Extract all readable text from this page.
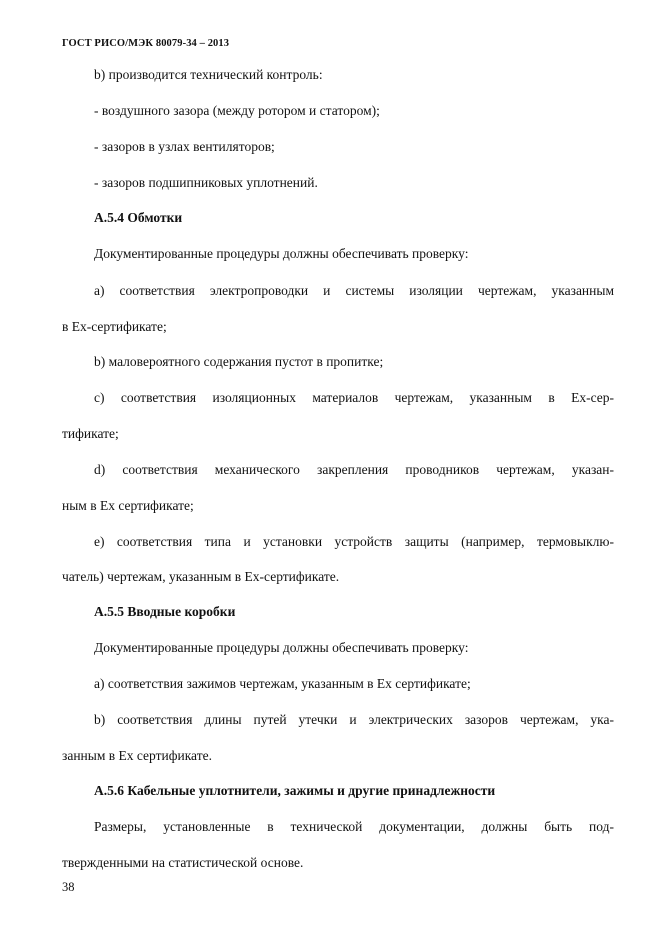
ГОСТ РИСО/МЭК 80079-34 – 2013
b) производится технический контроль:
- воздушного зазора (между ротором и статором);
- зазоров в узлах вентиляторов;
- зазоров подшипниковых уплотнений.
А.5.4 Обмотки
Документированные процедуры должны обеспечивать проверку:
а) соответствия электропроводки и системы изоляции чертежам, указанным
в Ех-сертификате;
b) маловероятного содержания пустот в пропитке;
с) соответствия изоляционных материалов чертежам, указанным в Ех-сер-
тификате;
d) соответствия механического закрепления проводников чертежам, указан-
ным в Ех сертификате;
е) соответствия типа и установки устройств защиты (например, термовыклю-
чатель) чертежам, указанным в Ех-сертификате.
А.5.5 Вводные коробки
Документированные процедуры должны обеспечивать проверку:
а) соответствия зажимов чертежам, указанным в Ех сертификате;
b) соответствия длины путей утечки и электрических зазоров чертежам, ука-
занным в Ех сертификате.
А.5.6 Кабельные уплотнители, зажимы и другие принадлежности
Размеры, установленные в технической документации, должны быть под-
твержденными на статистической основе.
38
